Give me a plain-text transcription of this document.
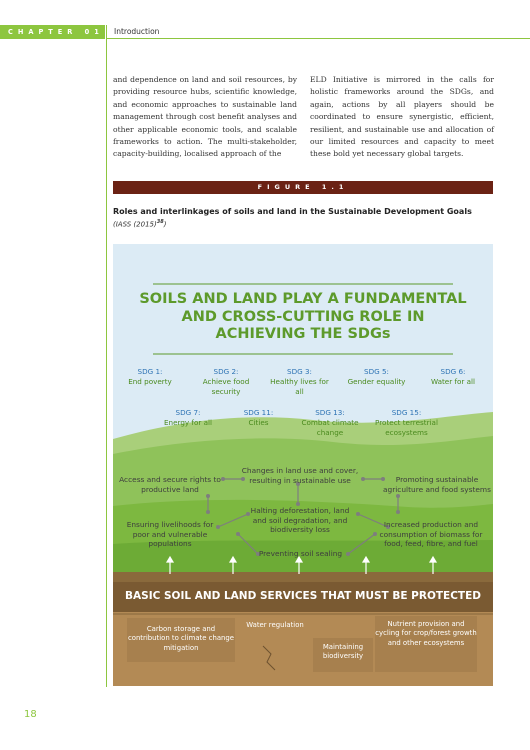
CHAPTER 01 Introduction
and dependence on land and soil resources, by providing resource hubs, scientific knowledge, and economic approaches to sustainable land management through cost benefit analyses and other applicable economic tools, and scalable frameworks to action. The multi-stakeholder, capacity-building, localised approach of the
ELD Initiative is mirrored in the calls for holistic frameworks around the SDGs, and again, actions by all players should be coordinated to ensure synergistic, efficient, resilient, and sustainable use and allocation of our limited resources and capacity to meet these bold yet necessary global targets.
FIGURE 1.1
Roles and interlinkages of soils and land in the Sustainable Development Goals
(IASS $(2015)^{38}$)
SOILS AND LAND PLAY A FUNDAMENTAL
AND CROSS-CUTTING ROLE IN
ACHIEVING THE SDGs
SDG 1:
End poverty
SDG 2:
Achieve food security
SDG 3:
Healthy lives for all
SDG 5:
Gender equality
SDG 6:
Water for all
SDG 7:
Energy for all
SDG 11:
Cities
SDG 13:
Combat climate change
SDG 15:
Protect terrestrial ecosystems
Changes in land use and cover, resulting in sustainable use
Access and secure rights to productive land
Promoting sustainable agriculture and food systems
Halting deforestation, land and soil degradation, and biodiversity loss
Ensuring livelihoods for poor and vulnerable populations
Increased production and consumption of biomass for food, feed, fibre, and fuel
Preventing soil sealing
BASIC SOIL AND LAND SERVICES THAT MUST BE PROTECTED
Carbon storage and contribution to climate change mitigation
Water regulation
Maintaining biodiversity
Nutrient provision and cycling for crop/forest growth and other ecosystems
18
